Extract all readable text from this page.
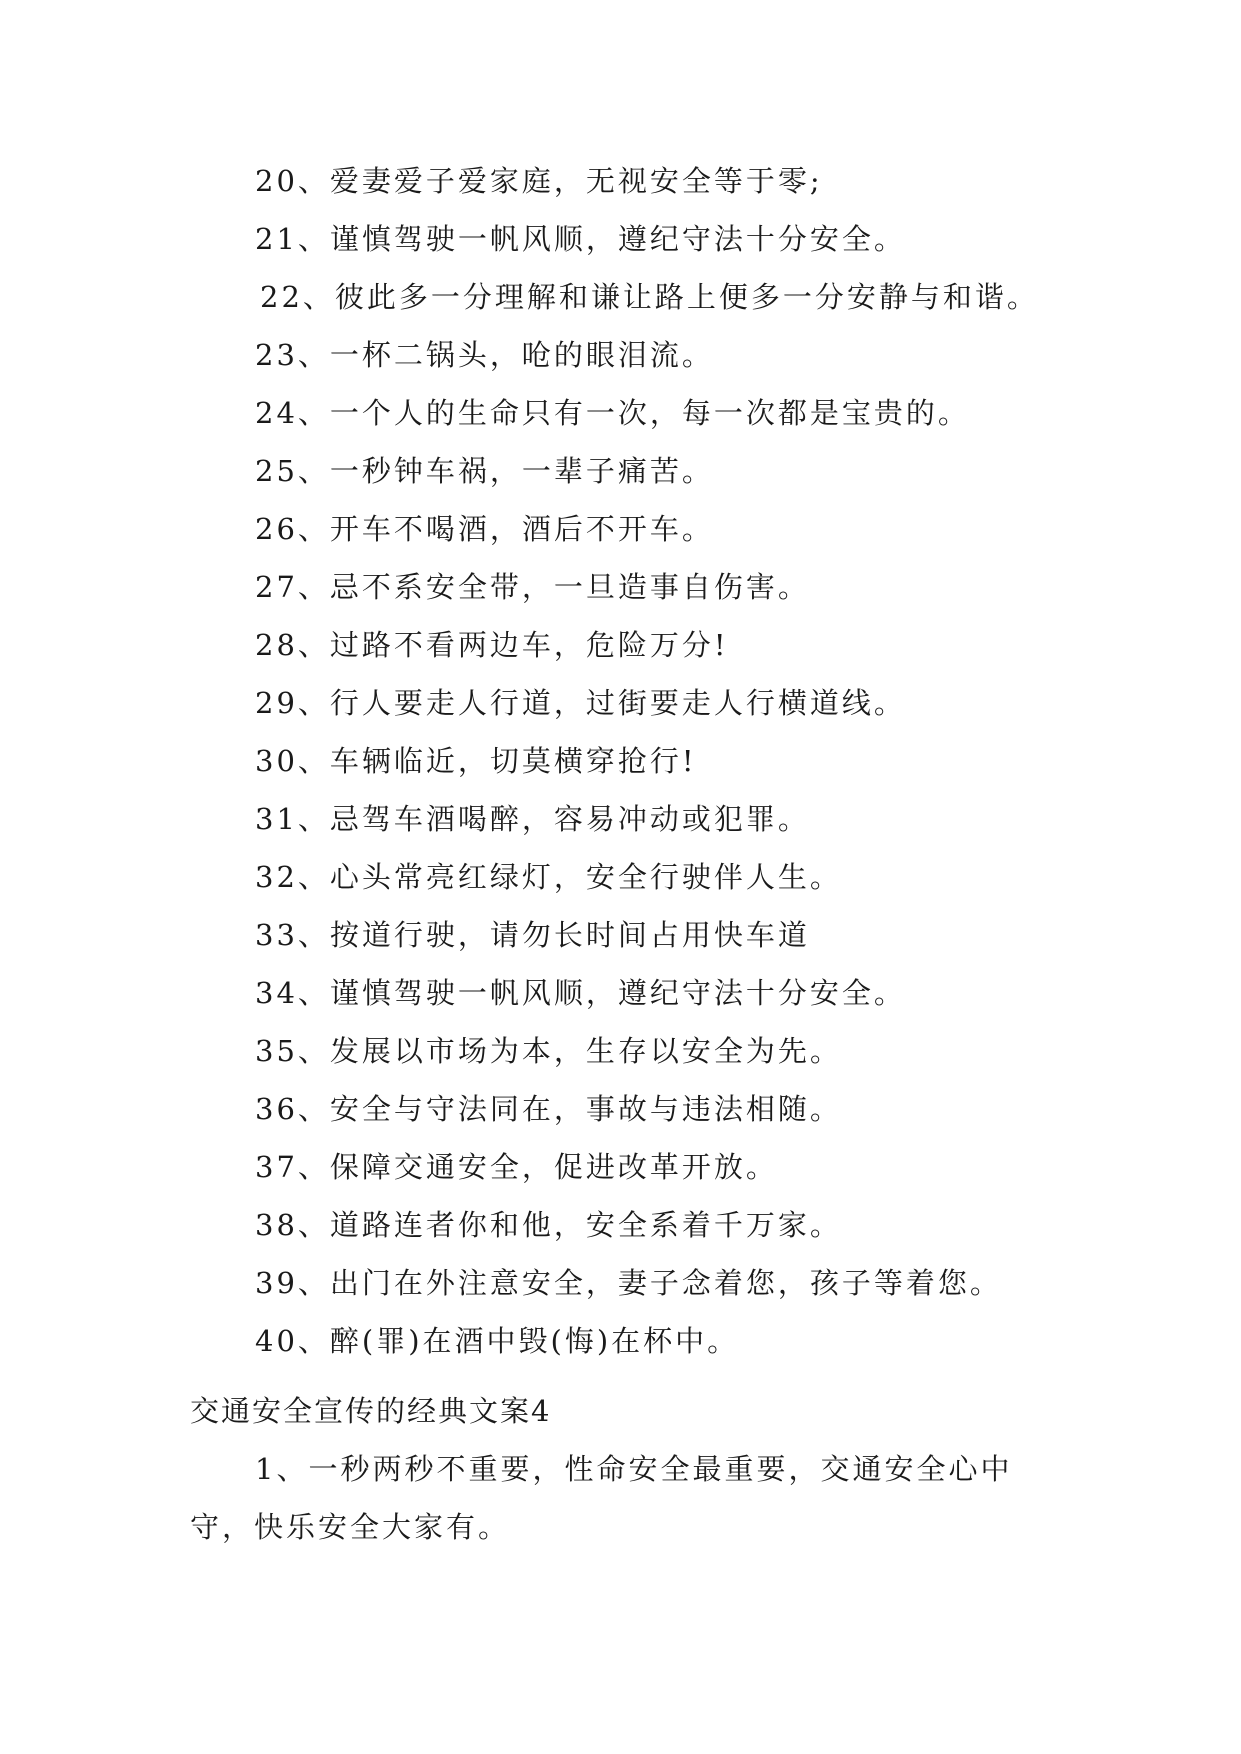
20、爱妻爱子爱家庭，无视安全等于零;
21、谨慎驾驶一帆风顺，遵纪守法十分安全。
22、彼此多一分理解和谦让路上便多一分安静与和谐。
23、一杯二锅头，呛的眼泪流。
24、一个人的生命只有一次，每一次都是宝贵的。
25、一秒钟车祸，一辈子痛苦。
26、开车不喝酒，酒后不开车。
27、忌不系安全带，一旦造事自伤害。
28、过路不看两边车，危险万分!
29、行人要走人行道，过街要走人行横道线。
30、车辆临近，切莫横穿抢行!
31、忌驾车酒喝醉，容易冲动或犯罪。
32、心头常亮红绿灯，安全行驶伴人生。
33、按道行驶，请勿长时间占用快车道
34、谨慎驾驶一帆风顺，遵纪守法十分安全。
35、发展以市场为本，生存以安全为先。
36、安全与守法同在，事故与违法相随。
37、保障交通安全，促进改革开放。
38、道路连者你和他，安全系着千万家。
39、出门在外注意安全，妻子念着您，孩子等着您。
40、醉(罪)在酒中毁(悔)在杯中。
交通安全宣传的经典文案4

1、一秒两秒不重要，性命安全最重要，交通安全心中守，快乐安全大家有。
